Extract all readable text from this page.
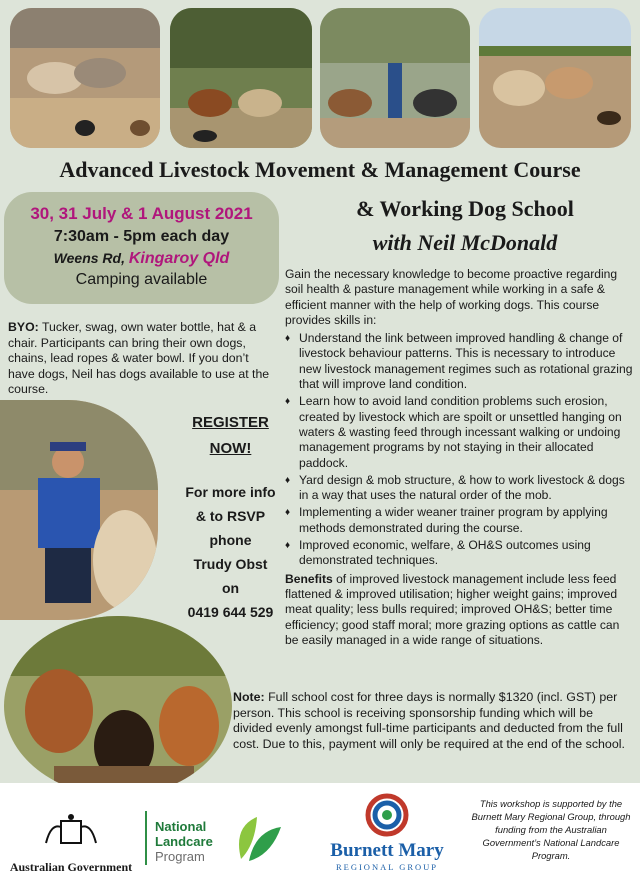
Advanced Livestock Movement & Management Course
& Working Dog School
with Neil McDonald
30, 31 July & 1 August 2021
7:30am - 5pm each day
Weens Rd, Kingaroy Qld
Camping available
BYO: Tucker, swag, own water bottle, hat & a chair. Participants can bring their own dogs, chains, lead ropes & water bowl. If you don’t have dogs, Neil has dogs available to use at the course.
REGISTER
NOW!
For more info
& to RSVP
phone
Trudy Obst
on
0419 644 529
Gain the necessary knowledge to become proactive regarding soil health & pasture management while working in a safe & efficient manner with the help of working dogs. This course provides skills in:
♦ Understand the link between improved handling & change of livestock behaviour patterns. This is necessary to introduce new livestock management regimes such as rotational grazing that will improve land condition.
♦ Learn how to avoid land condition problems such erosion, created by livestock which are spoilt or unsettled hanging on waters & wasting feed through incessant walking or undoing management programs by not staying in their allocated paddock.
♦ Yard design & mob structure, & how to work livestock & dogs in a way that uses the natural order of the mob.
♦ Implementing a wider weaner trainer program by applying methods demonstrated during the course.
♦ Improved economic, welfare, & OH&S outcomes using demonstrated techniques.
Benefits of improved livestock management include less feed flattened & improved utilisation; higher weight gains; improved meat quality; less bulls required; improved OH&S; better time efficiency; good staff moral; more grazing options as cattle can be easily managed in a wide range of situations.
Note: Full school cost for three days is normally $1320 (incl. GST) per person. This school is receiving sponsorship funding which will be divided evenly amongst full-time participants and deducted from the full cost. Due to this, payment will only be required at the end of the school.
Australian Government
National
Landcare
Program	Burnett Mary
REGIONAL GROUP
This workshop is supported by the Burnett Mary Regional Group, through funding from the Australian Government’s National Landcare Program.
